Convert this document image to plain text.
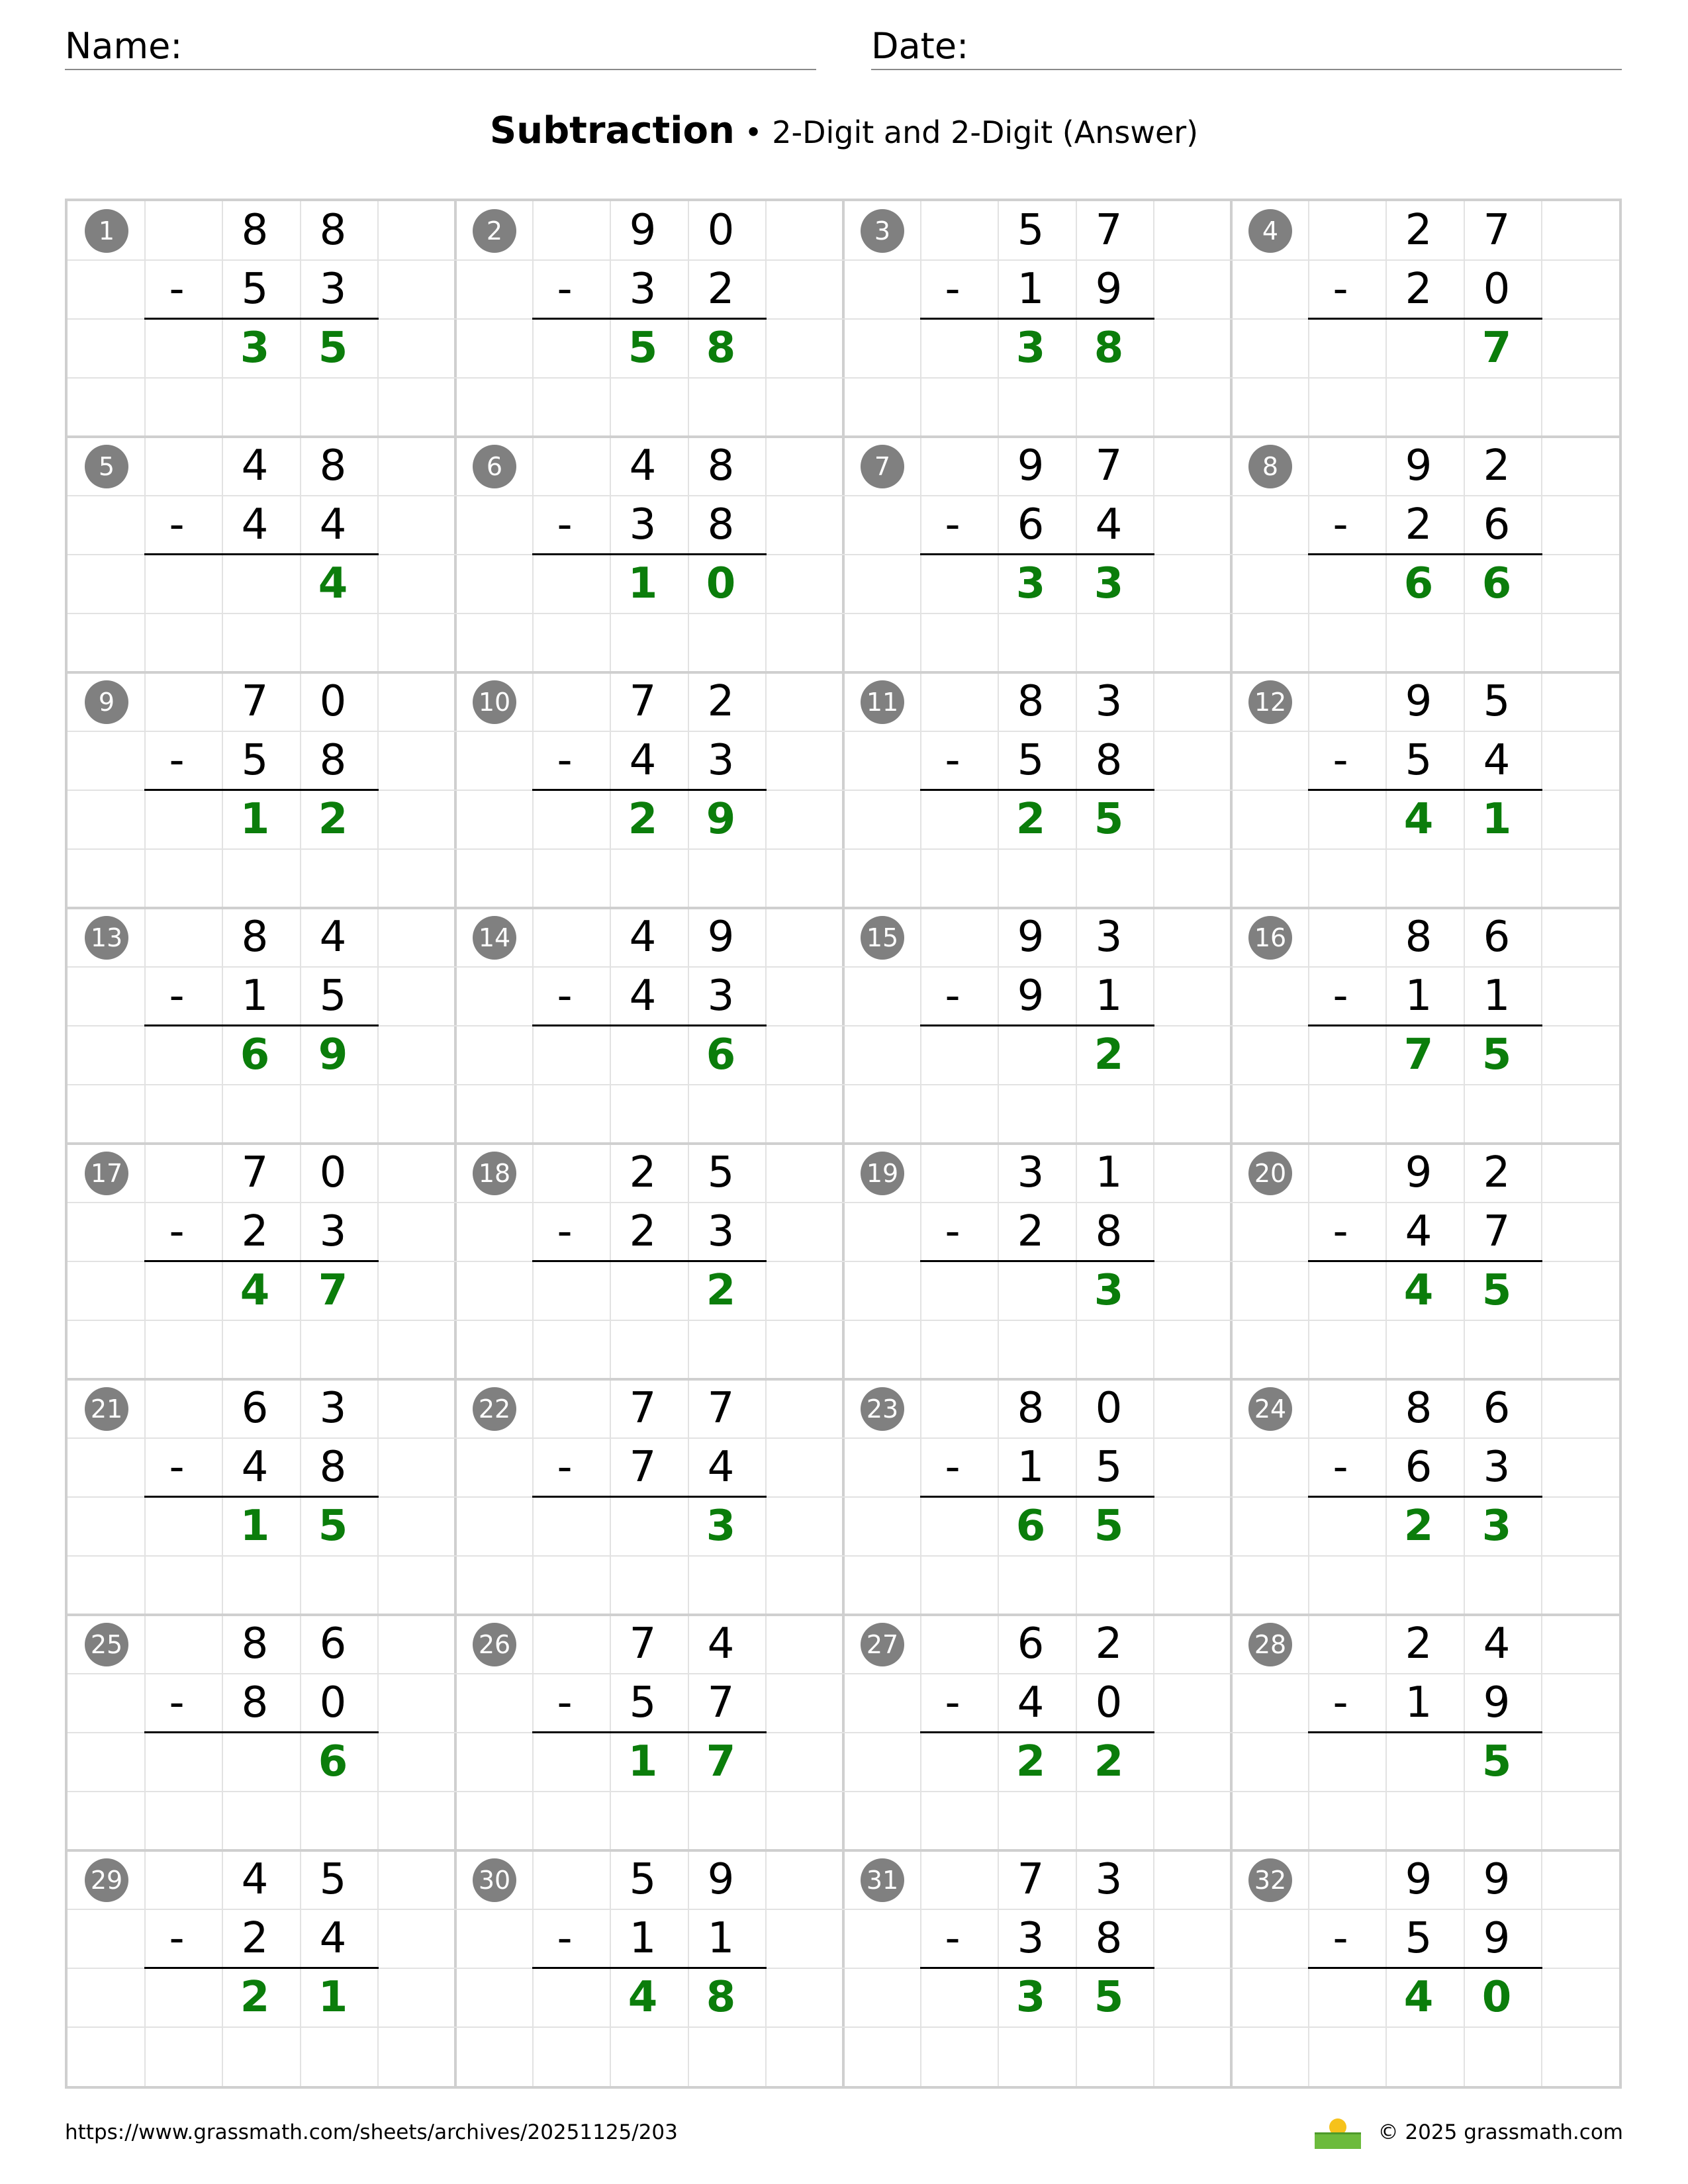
Name:	Date:
Subtraction • 2-Digit and 2-Digit (Answer)
1	8	8
-	5	3
3	5
2	9	0
-	3	2
5	8
3	5	7
-	1	9
3	8
4	2	7
-	2	0
7
5	4	8
-	4	4
4
6	4	8
-	3	8
1	0
7	9	7
-	6	4
3	3
8	9	2
-	2	6
6	6
9	7	0
-	5	8
1	2
10	7	2
-	4	3
2	9
11	8	3
-	5	8
2	5
12	9	5
-	5	4
4	1
13	8	4
-	1	5
6	9
14	4	9
-	4	3
6
15	9	3
-	9	1
2
16	8	6
-	1	1
7	5
17	7	0
-	2	3
4	7
18	2	5
-	2	3
2
19	3	1
-	2	8
3
20	9	2
-	4	7
4	5
21	6	3
-	4	8
1	5
22	7	7
-	7	4
3
23	8	0
-	1	5
6	5
24	8	6
-	6	3
2	3
25	8	6
-	8	0
6
26	7	4
-	5	7
1	7
27	6	2
-	4	0
2	2
28	2	4
-	1	9
5
29	4	5
-	2	4
2	1
30	5	9
-	1	1
4	8
31	7	3
-	3	8
3	5
32	9	9
-	5	9
4	0
https://www.grassmath.com/sheets/archives/20251125/203	© 2025 grassmath.com
